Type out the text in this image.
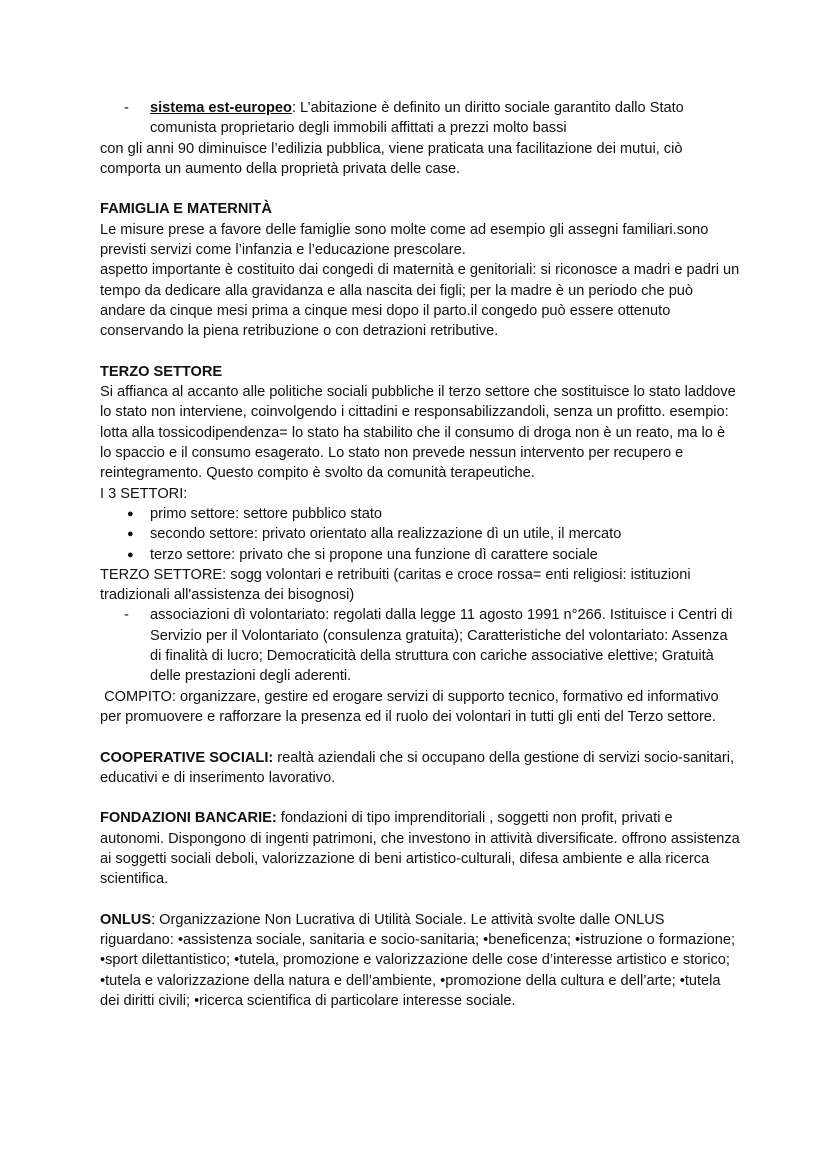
- sistema est-europeo: L’abitazione è definito un diritto sociale garantito dallo Stato comunista proprietario degli immobili affittati a prezzi molto bassi

con gli anni 90 diminuisce l’edilizia pubblica, viene praticata una facilitazione dei mutui, ciò comporta un aumento della proprietà privata delle case.

FAMIGLIA E MATERNITÀ

Le misure prese a favore delle famiglie sono molte come ad esempio gli assegni familiari.sono previsti servizi come l’infanzia e l’educazione prescolare.

aspetto importante è costituito dai congedi di maternità e genitoriali: si riconosce a madri e padri un tempo da dedicare alla gravidanza e alla nascita dei figli; per la madre è un periodo che può andare da cinque mesi prima a cinque mesi dopo il parto.il congedo può essere ottenuto conservando la piena retribuzione o con detrazioni retributive.

TERZO SETTORE

Si affianca al accanto alle politiche sociali pubbliche il terzo settore che sostituisce lo stato laddove lo stato non interviene, coinvolgendo i cittadini e responsabilizzandoli, senza un profitto. esempio: lotta alla tossicodipendenza= lo stato ha stabilito che il consumo di droga non è un reato, ma lo è lo spaccio e il consumo esagerato. Lo stato non prevede nessun intervento per recupero e reintegramento. Questo compito è svolto da comunità terapeutiche.

I 3 SETTORI:

● primo settore: settore pubblico stato
● secondo settore: privato orientato alla realizzazione dì un utile, il mercato
● terzo settore: privato che si propone una funzione dì carattere sociale

TERZO SETTORE: sogg volontari e retribuiti (caritas e croce rossa= enti religiosi: istituzioni tradizionali all'assistenza dei bisognosi)

- associazioni dì volontariato: regolati dalla legge 11 agosto 1991 n°266. Istituisce i Centri di Servizio per il Volontariato (consulenza gratuita); Caratteristiche del volontariato: Assenza di finalità di lucro; Democraticità della struttura con cariche associative elettive; Gratuità delle prestazioni degli aderenti.

COMPITO: organizzare, gestire ed erogare servizi di supporto tecnico, formativo ed informativo per promuovere e rafforzare la presenza ed il ruolo dei volontari in tutti gli enti del Terzo settore.

COOPERATIVE SOCIALI: realtà aziendali che si occupano della gestione di servizi socio-sanitari, educativi e di inserimento lavorativo.

FONDAZIONI BANCARIE: fondazioni di tipo imprenditoriali , soggetti non profit, privati e autonomi. Dispongono di ingenti patrimoni, che investono in attività diversificate. offrono assistenza ai soggetti sociali deboli, valorizzazione di beni artistico-culturali, difesa ambiente e alla ricerca scientifica.

ONLUS: Organizzazione Non Lucrativa di Utilità Sociale. Le attività svolte dalle ONLUS riguardano: •assistenza sociale, sanitaria e socio-sanitaria; •beneficenza; •istruzione o formazione; •sport dilettantistico; •tutela, promozione e valorizzazione delle cose d’interesse artistico e storico; •tutela e valorizzazione della natura e dell’ambiente, •promozione della cultura e dell’arte; •tutela dei diritti civili; •ricerca scientifica di particolare interesse sociale.
